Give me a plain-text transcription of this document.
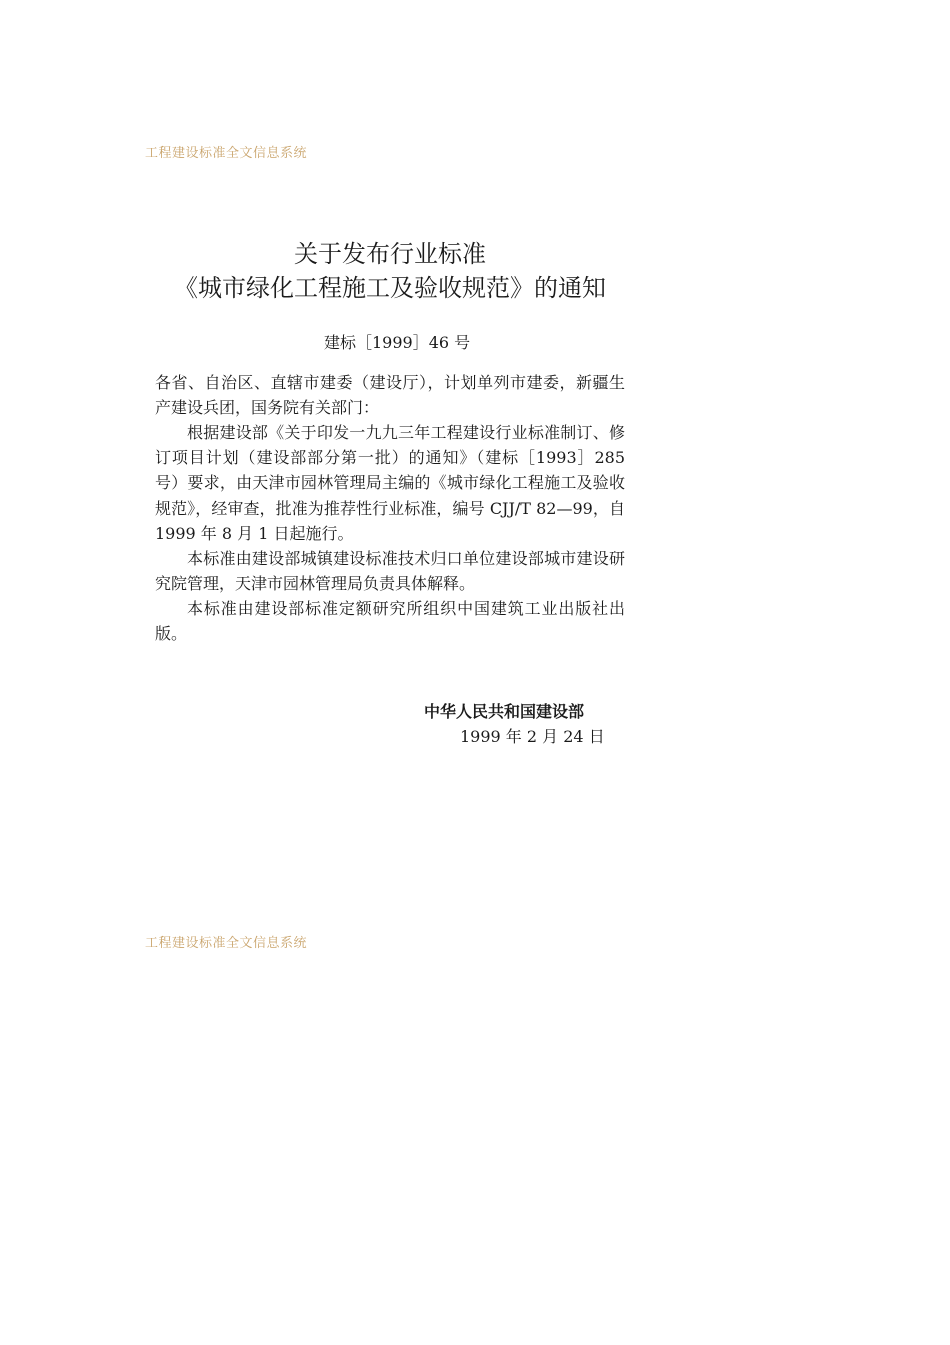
工程建设标准全文信息系统
关于发布行业标准
《城市绿化工程施工及验收规范》的通知
建标［1999］46 号
各省、自治区、直辖市建委（建设厅），计划单列市建委，新疆生产建设兵团，国务院有关部门：
根据建设部《关于印发一九九三年工程建设行业标准制订、修订项目计划（建设部部分第一批）的通知》（建标［1993］285 号）要求，由天津市园林管理局主编的《城市绿化工程施工及验收规范》，经审查，批准为推荐性行业标准，编号 CJJ/T 82—99，自 1999 年 8 月 1 日起施行。
本标准由建设部城镇建设标准技术归口单位建设部城市建设研究院管理，天津市园林管理局负责具体解释。
本标准由建设部标准定额研究所组织中国建筑工业出版社出版。
中华人民共和国建设部
1999 年 2 月 24 日
工程建设标准全文信息系统
